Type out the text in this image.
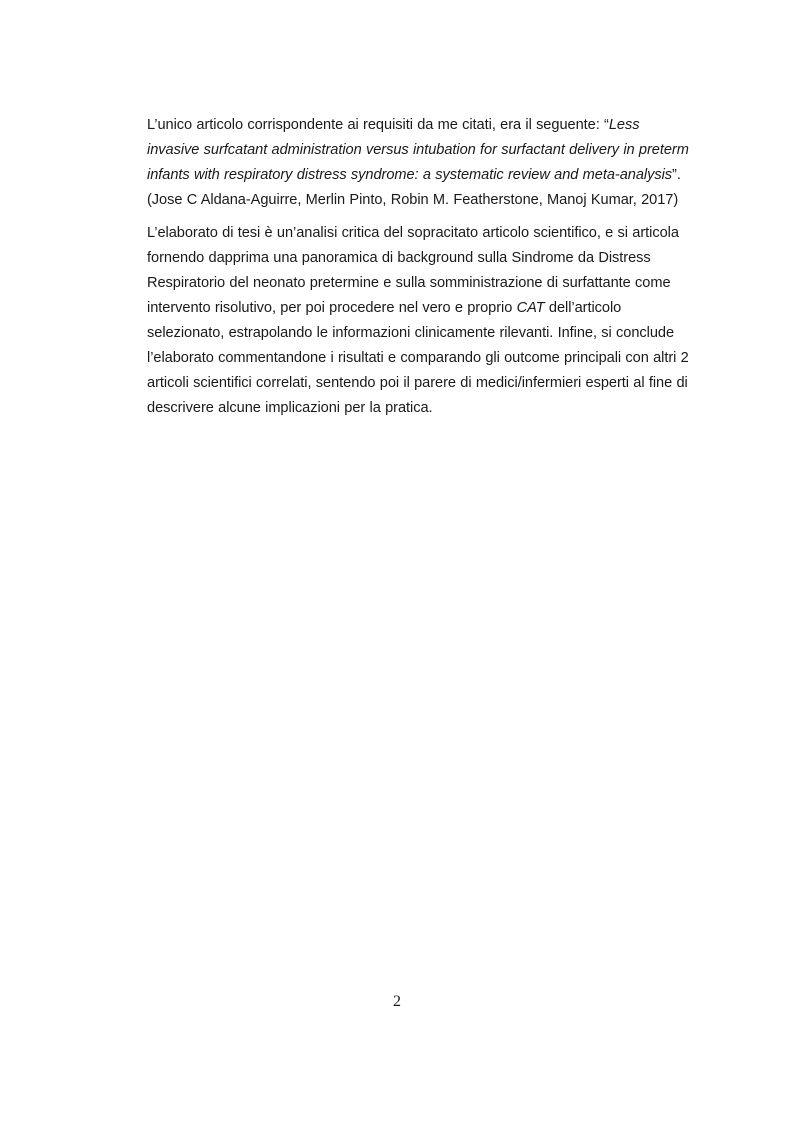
L’unico articolo corrispondente ai requisiti da me citati, era il seguente: “Less
invasive surfcatant administration versus intubation for surfactant delivery in preterm
infants with respiratory distress syndrome: a systematic review and meta-analysis”.
(Jose C Aldana-Aguirre, Merlin Pinto, Robin M. Featherstone, Manoj Kumar, 2017)

L’elaborato di tesi è un’analisi critica del sopracitato articolo scientifico, e si articola
fornendo dapprima una panoramica di background sulla Sindrome da Distress
Respiratorio del neonato pretermine e sulla somministrazione di surfattante come
intervento risolutivo, per poi procedere nel vero e proprio CAT dell’articolo
selezionato, estrapolando le informazioni clinicamente rilevanti. Infine, si conclude
l’elaborato commentandone i risultati e comparando gli outcome principali con altri 2
articoli scientifici correlati, sentendo poi il parere di medici/infermieri esperti al fine di
descrivere alcune implicazioni per la pratica.

2
